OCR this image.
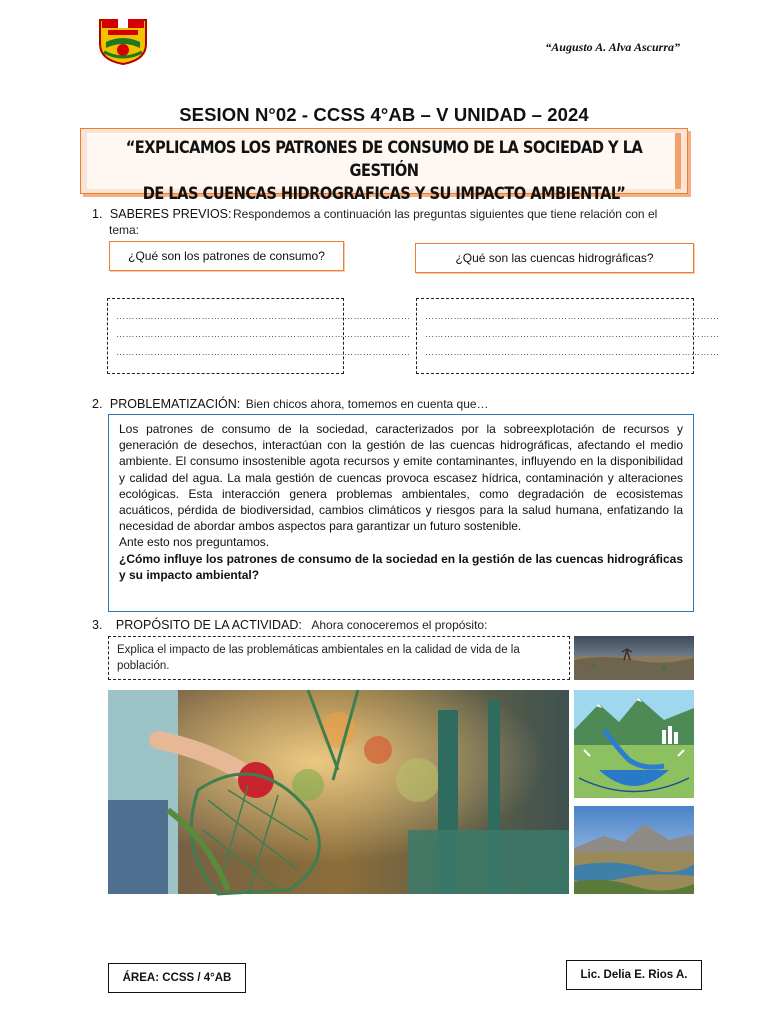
“Augusto A. Alva Ascurra”
SESION N°02 - CCSS 4°AB – V UNIDAD – 2024
“EXPLICAMOS LOS PATRONES DE CONSUMO DE LA SOCIEDAD Y LA GESTIÓN
DE LAS CUENCAS HIDROGRAFICAS Y SU IMPACTO AMBIENTAL”
1. SABERES PREVIOS: Respondemos a continuación las preguntas siguientes que tiene relación con el
tema:
¿Qué son los patrones de consumo?	¿Qué son las cuencas hidrográficas?
…………………………………………………………………………………
…………………………………………………………………………………
…………………………………………………………………………………
…………………………………………………………………………………
…………………………………………………………………………………
…………………………………………………………………………………
2. PROBLEMATIZACIÓN: Bien chicos ahora, tomemos en cuenta que…

Los patrones de consumo de la sociedad, caracterizados por la sobreexplotación de recursos y generación de desechos, interactúan con la gestión de las cuencas hidrográficas, afectando el medio ambiente. El consumo insostenible agota recursos y emite contaminantes, influyendo en la disponibilidad y calidad del agua. La mala gestión de cuencas provoca escasez hídrica, contaminación y alteraciones ecológicas. Esta interacción genera problemas ambientales, como degradación de ecosistemas acuáticos, pérdida de biodiversidad, cambios climáticos y riesgos para la salud humana, enfatizando la necesidad de abordar ambos aspectos para garantizar un futuro sostenible.

Ante esto nos preguntamos.

¿Cómo influye los patrones de consumo de la sociedad en la gestión de las cuencas hidrográficas y su impacto ambiental?

3. PROPÓSITO DE LA ACTIVIDAD: Ahora conoceremos el propósito:
Explica el impacto de las problemáticas ambientales en la calidad de vida de la población.
ÁREA: CCSS / 4°AB	Lic. Delia E. Rios A.
